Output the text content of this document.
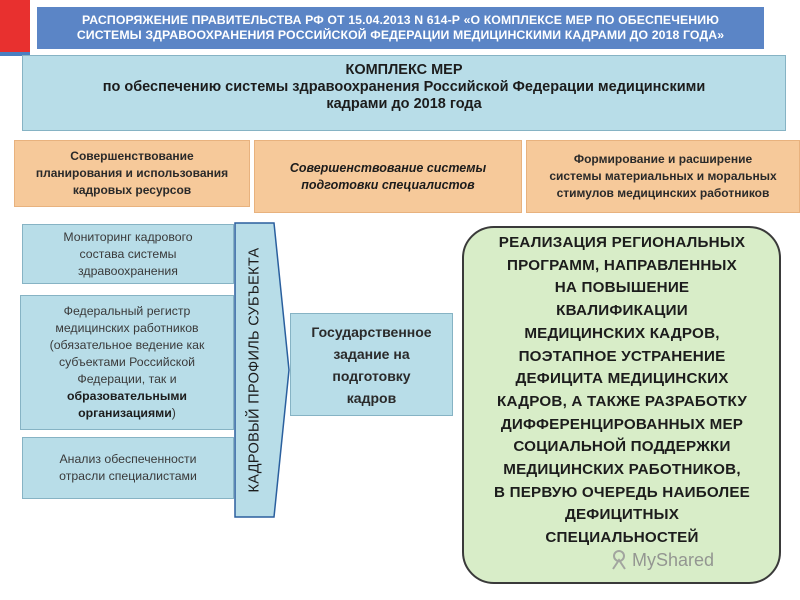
РАСПОРЯЖЕНИЕ ПРАВИТЕЛЬСТВА РФ ОТ 15.04.2013 N 614-Р «О КОМПЛЕКСЕ МЕР ПО ОБЕСПЕЧЕНИЮ
СИСТЕМЫ ЗДРАВООХРАНЕНИЯ РОССИЙСКОЙ ФЕДЕРАЦИИ МЕДИЦИНСКИМИ КАДРАМИ ДО 2018 ГОДА»
КОМПЛЕКС МЕР
по обеспечению системы здравоохранения Российской Федерации медицинскими
кадрами до 2018 года
Совершенствование
планирования и использования
кадровых ресурсов
Совершенствование системы
подготовки специалистов
Формирование и расширение
системы материальных и моральных
стимулов медицинских работников
Мониторинг кадрового
состава системы
здравоохранения
Федеральный регистр
медицинских работников
(обязательное ведение как
субъектами Российской
Федерации, так и
образовательными
организациями)
Анализ обеспеченности
отрасли специалистами	КАДРОВЫЙ ПРОФИЛЬ СУБЪЕКТА	Государственное
задание на
подготовку
кадров
РЕАЛИЗАЦИЯ РЕГИОНАЛЬНЫХ
ПРОГРАММ, НАПРАВЛЕННЫХ
НА ПОВЫШЕНИЕ
КВАЛИФИКАЦИИ
МЕДИЦИНСКИХ КАДРОВ,
ПОЭТАПНОЕ УСТРАНЕНИЕ
ДЕФИЦИТА МЕДИЦИНСКИХ
КАДРОВ, А ТАКЖЕ РАЗРАБОТКУ
ДИФФЕРЕНЦИРОВАННЫХ МЕР
СОЦИАЛЬНОЙ ПОДДЕРЖКИ
МЕДИЦИНСКИХ РАБОТНИКОВ,
В ПЕРВУЮ ОЧЕРЕДЬ НАИБОЛЕЕ
ДЕФИЦИТНЫХ
СПЕЦИАЛЬНОСТЕЙ
MyShared
